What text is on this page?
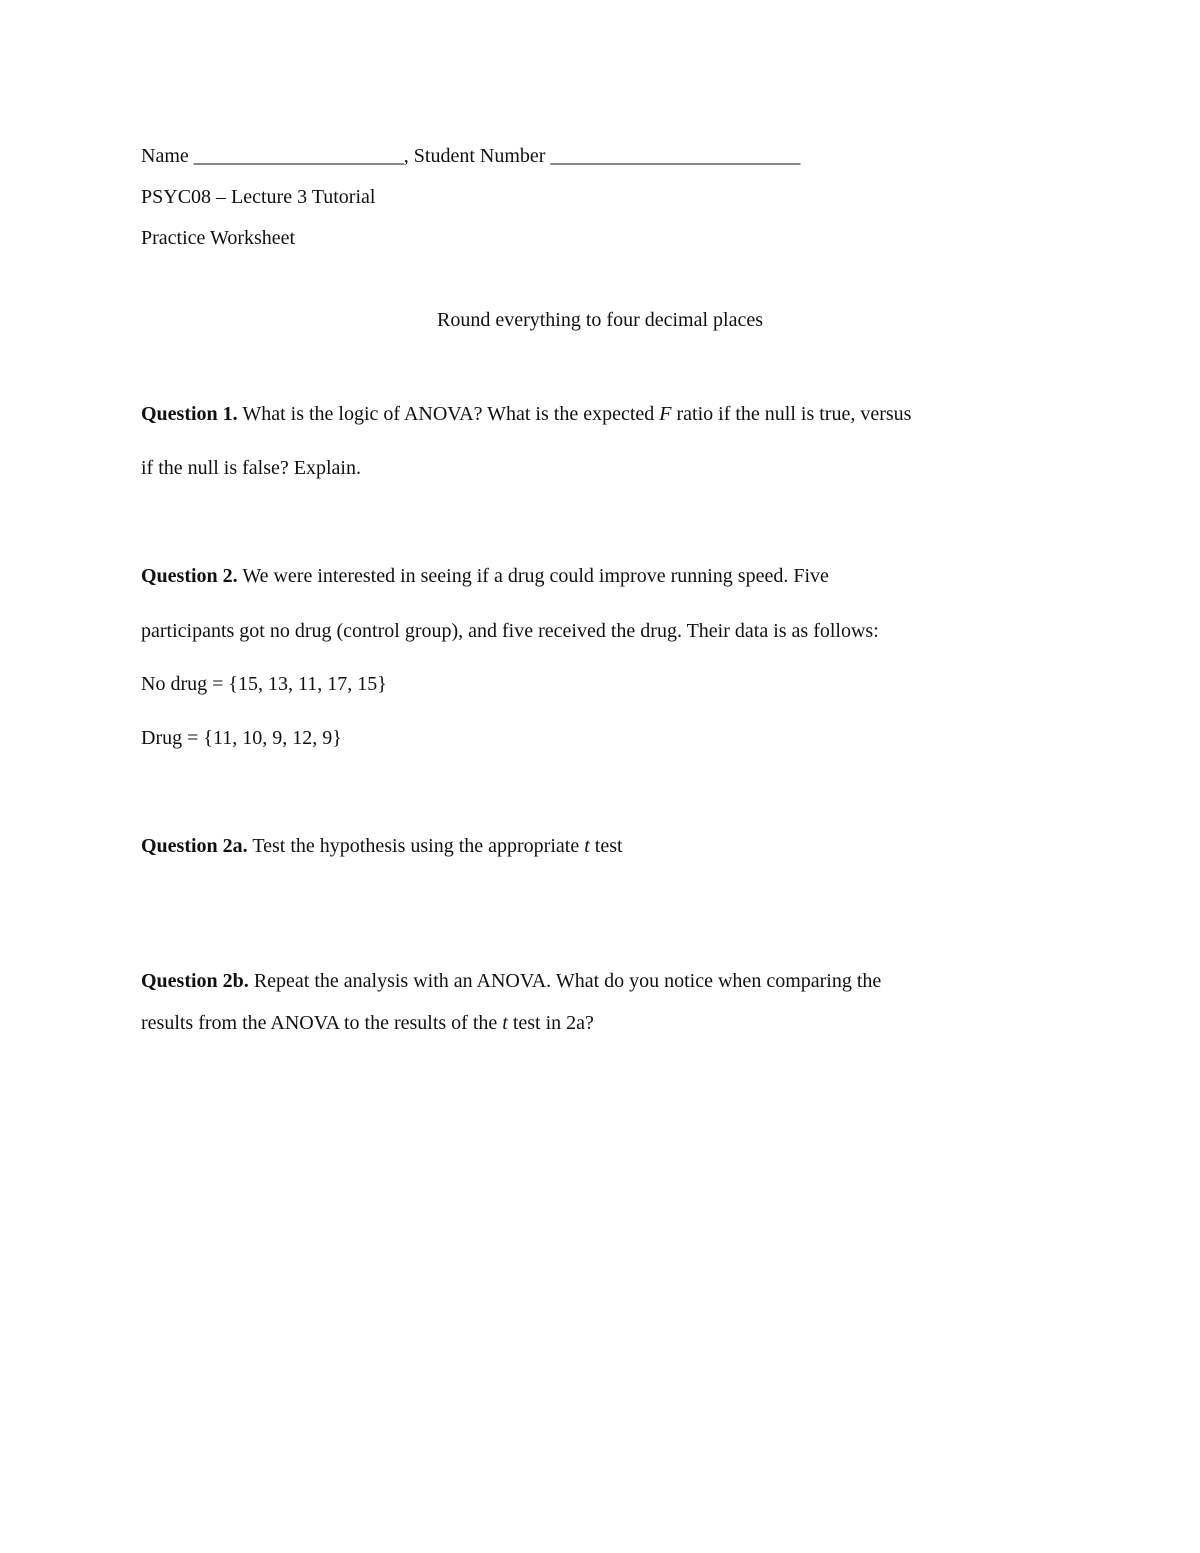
Name _____________________, Student Number _________________________
PSYC08 – Lecture 3 Tutorial
Practice Worksheet
Round everything to four decimal places
Question 1. What is the logic of ANOVA? What is the expected F ratio if the null is true, versus
if the null is false? Explain.
Question 2. We were interested in seeing if a drug could improve running speed. Five
participants got no drug (control group), and five received the drug. Their data is as follows:
No drug = {15, 13, 11, 17, 15}
Drug = {11, 10, 9, 12, 9}
Question 2a. Test the hypothesis using the appropriate t test
Question 2b. Repeat the analysis with an ANOVA. What do you notice when comparing the
results from the ANOVA to the results of the t test in 2a?
